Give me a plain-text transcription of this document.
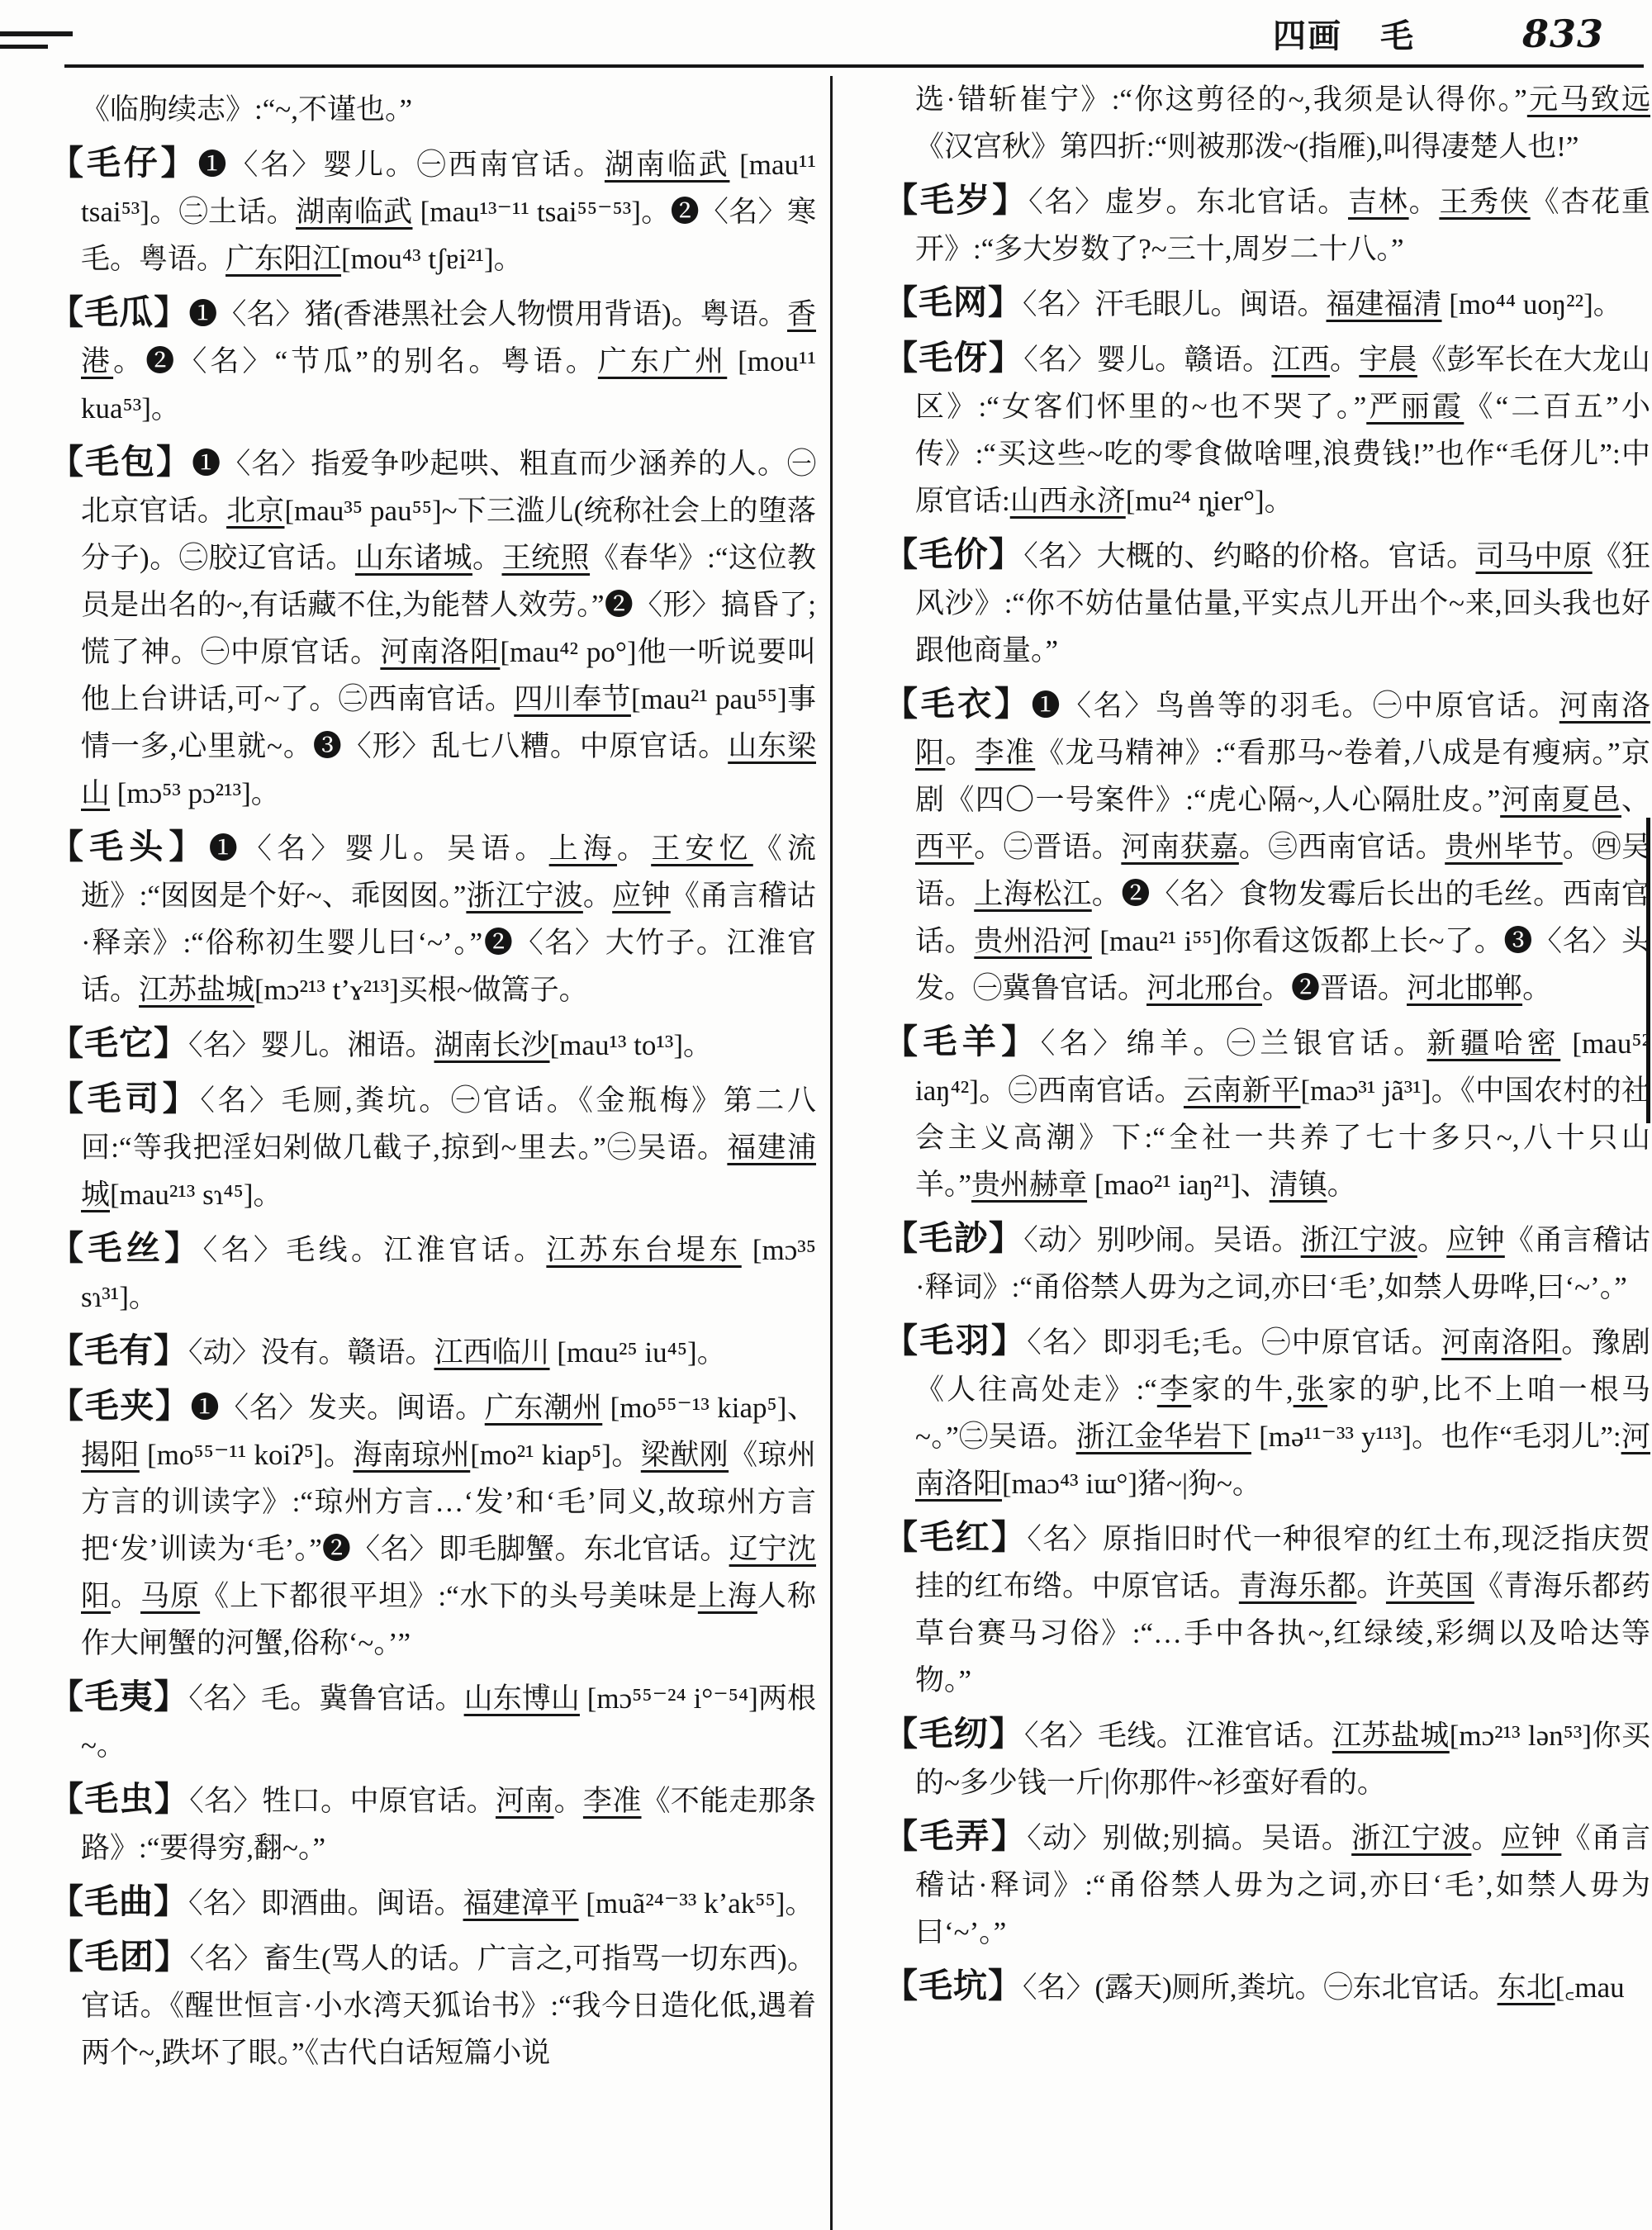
四画 毛	833

《临朐续志》:“~,不谨也。”

【毛仔】❶〈名〉婴儿。㊀西南官话。湖南临武 [mau¹¹ tsai⁵³]。㊁土话。湖南临武 [mau¹³⁻¹¹ tsai⁵⁵⁻⁵³]。❷〈名〉寒毛。粤语。广东阳江[mou⁴³ tʃɐi²¹]。

【毛瓜】❶〈名〉猪(香港黑社会人物惯用背语)。粤语。香港。❷〈名〉“节瓜”的别名。粤语。广东广州 [mou¹¹ kua⁵³]。

【毛包】❶〈名〉指爱争吵起哄、粗直而少涵养的人。㊀北京官话。北京[mau³⁵ pau⁵⁵]~下三滥儿(统称社会上的堕落分子)。㊁胶辽官话。山东诸城。王统照《春华》:“这位教员是出名的~,有话藏不住,为能替人效劳。”❷〈形〉搞昏了;慌了神。㊀中原官话。河南洛阳[mau⁴² po°]他一听说要叫他上台讲话,可~了。㊁西南官话。四川奉节[mau²¹ pau⁵⁵]事情一多,心里就~。❸〈形〉乱七八糟。中原官话。山东梁山 [mɔ⁵³ pɔ²¹³]。

【毛头】❶〈名〉婴儿。吴语。上海。王安忆《流逝》:“囡囡是个好~、乖囡囡。”浙江宁波。应钟《甬言稽诂·释亲》:“俗称初生婴儿曰‘~’。”❷〈名〉大竹子。江淮官话。江苏盐城[mɔ²¹³ t’ɤ²¹³]买根~做篙子。

【毛它】〈名〉婴儿。湘语。湖南长沙[mau¹³ to¹³]。

【毛司】〈名〉毛厕,粪坑。㊀官话。《金瓶梅》第二八回:“等我把淫妇剁做几截子,掠到~里去。”㊁吴语。福建浦城[mau²¹³ sɿ⁴⁵]。

【毛丝】〈名〉毛线。江淮官话。江苏东台堤东 [mɔ³⁵ sɿ³¹]。

【毛有】〈动〉没有。赣语。江西临川 [mɑu²⁵ iu⁴⁵]。

【毛夹】❶〈名〉发夹。闽语。广东潮州 [mo⁵⁵⁻¹³ kiap⁵]、揭阳 [mo⁵⁵⁻¹¹ koiʔ⁵]。海南琼州[mo²¹ kiap⁵]。梁猷刚《琼州方言的训读字》:“琼州方言…‘发’和‘毛’同义,故琼州方言把‘发’训读为‘毛’。”❷〈名〉即毛脚蟹。东北官话。辽宁沈阳。马原《上下都很平坦》:“水下的头号美味是上海人称作大闸蟹的河蟹,俗称‘~。’”

【毛夷】〈名〉毛。冀鲁官话。山东博山 [mɔ⁵⁵⁻²⁴ i°⁻⁵⁴]两根~。

【毛虫】〈名〉牲口。中原官话。河南。李准《不能走那条路》:“要得穷,翻~。”

【毛曲】〈名〉即酒曲。闽语。福建漳平 [muã²⁴⁻³³ k’ak⁵⁵]。

【毛团】〈名〉畜生(骂人的话。广言之,可指骂一切东西)。官话。《醒世恒言·小水湾天狐诒书》:“我今日造化低,遇着两个~,跌坏了眼。”《古代白话短篇小说

选·错斩崔宁》:“你这剪径的~,我须是认得你。”元马致远《汉宫秋》第四折:“则被那泼~(指雁),叫得凄楚人也!”

【毛岁】〈名〉虚岁。东北官话。吉林。王秀侠《杏花重开》:“多大岁数了?~三十,周岁二十八。”

【毛网】〈名〉汗毛眼儿。闽语。福建福清 [mo⁴⁴ uoŋ²²]。

【毛伢】〈名〉婴儿。赣语。江西。宇晨《彭军长在大龙山区》:“女客们怀里的~也不哭了。”严丽霞《“二百五”小传》:“买这些~吃的零食做啥哩,浪费钱!”也作“毛伢儿”:中原官话:山西永济[mu²⁴ ȵier°]。

【毛价】〈名〉大概的、约略的价格。官话。司马中原《狂风沙》:“你不妨估量估量,平实点儿开出个~来,回头我也好跟他商量。”

【毛衣】❶〈名〉鸟兽等的羽毛。㊀中原官话。河南洛阳。李准《龙马精神》:“看那马~卷着,八成是有瘦病。”京剧《四〇一号案件》:“虎心隔~,人心隔肚皮。”河南夏邑、西平。㊁晋语。河南获嘉。㊂西南官话。贵州毕节。㊃吴语。上海松江。❷〈名〉食物发霉后长出的毛丝。西南官话。贵州沿河 [mau²¹ i⁵⁵]你看这饭都上长~了。❸〈名〉头发。㊀冀鲁官话。河北邢台。❷晋语。河北邯郸。

【毛羊】〈名〉绵羊。㊀兰银官话。新疆哈密 [mau⁵² iaŋ⁴²]。㊁西南官话。云南新平[maɔ³¹ jã³¹]。《中国农村的社会主义高潮》下:“全社一共养了七十多只~,八十只山羊。”贵州赫章 [mao²¹ iaŋ²¹]、清镇。

【毛訬】〈动〉别吵闹。吴语。浙江宁波。应钟《甬言稽诂·释词》:“甬俗禁人毋为之词,亦曰‘毛’,如禁人毋哗,曰‘~’。”

【毛羽】〈名〉即羽毛;毛。㊀中原官话。河南洛阳。豫剧《人往高处走》:“李家的牛,张家的驴,比不上咱一根马~。”㊁吴语。浙江金华岩下 [mə¹¹⁻³³ y¹¹³]。也作“毛羽儿”:河南洛阳[maɔ⁴³ iɯ°]猪~|狗~。

【毛红】〈名〉原指旧时代一种很窄的红土布,现泛指庆贺挂的红布绺。中原官话。青海乐都。许英国《青海乐都药草台赛马习俗》:“…手中各执~,红绿绫,彩绸以及哈达等物。”

【毛纫】〈名〉毛线。江淮官话。江苏盐城[mɔ²¹³ lən⁵³]你买的~多少钱一斤|你那件~衫蛮好看的。

【毛弄】〈动〉别做;别搞。吴语。浙江宁波。应钟《甬言稽诂·释词》:“甬俗禁人毋为之词,亦曰‘毛’,如禁人毋为曰‘~’。”

【毛坑】〈名〉(露天)厕所,粪坑。㊀东北官话。东北[꜀mau
